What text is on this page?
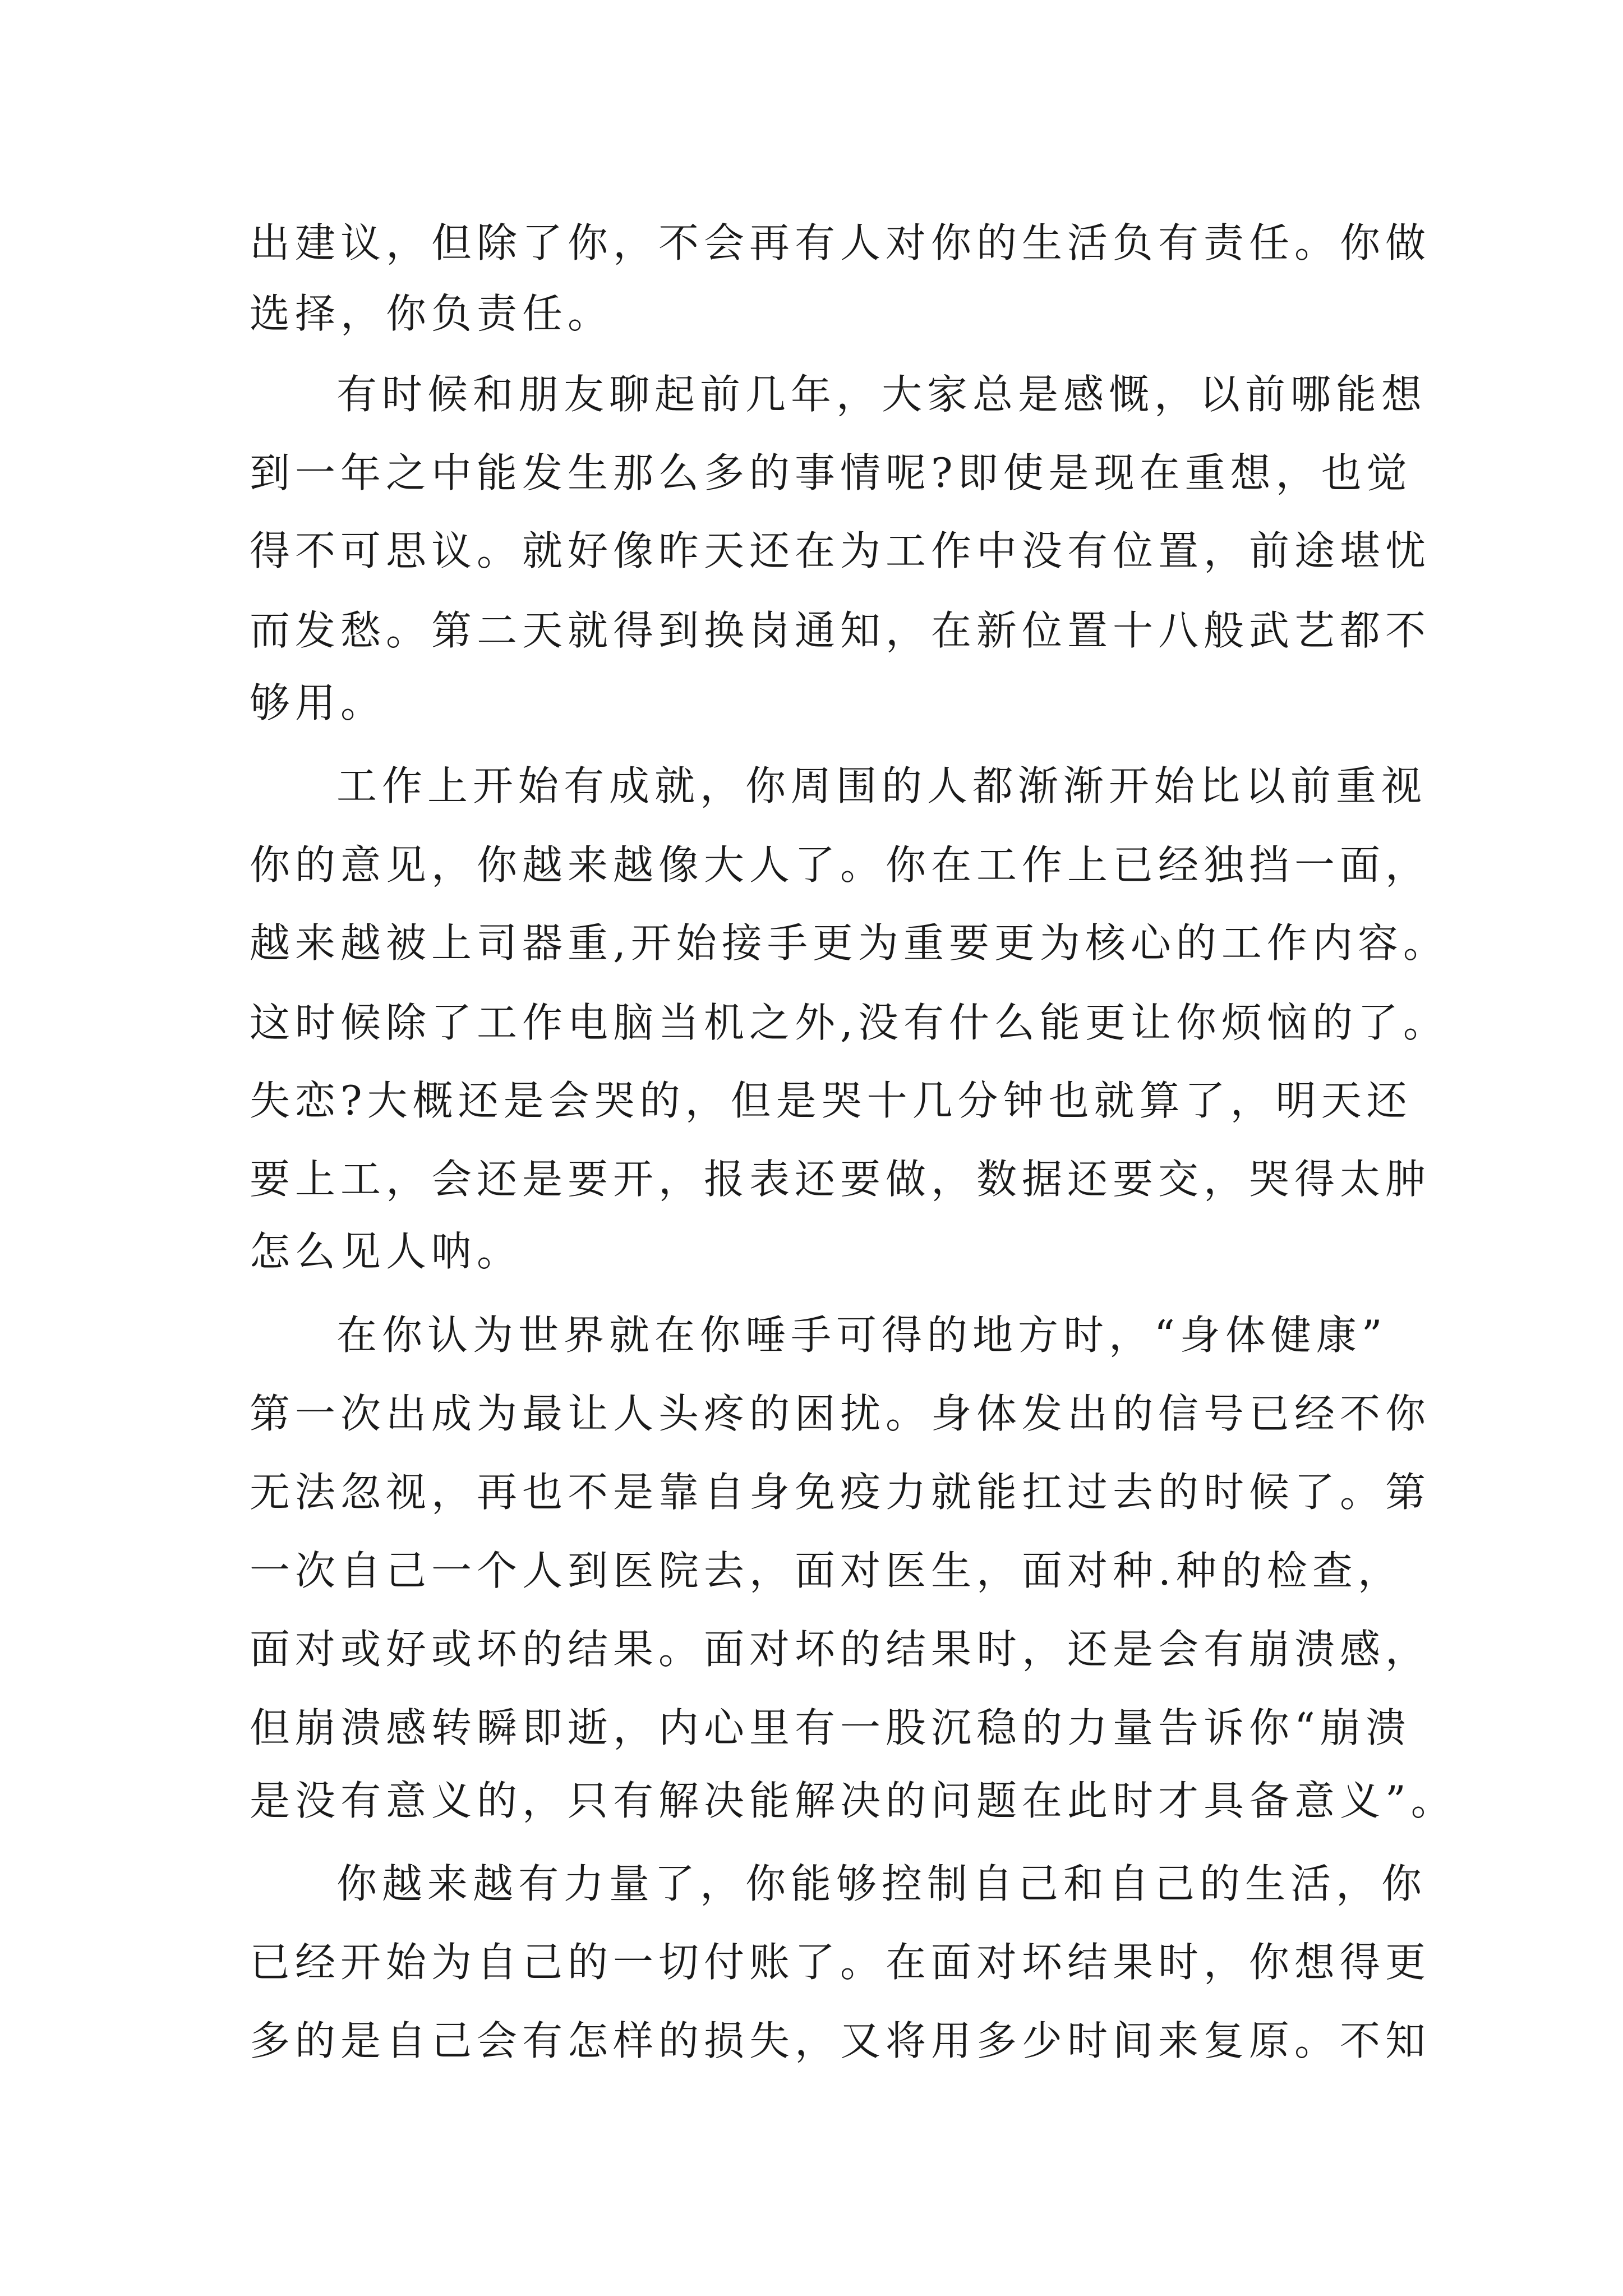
出建议，但除了你，不会再有人对你的生活负有责任。你做
选择，你负责任。
有时候和朋友聊起前几年，大家总是感慨，以前哪能想
到一年之中能发生那么多的事情呢?即使是现在重想，也觉
得不可思议。就好像昨天还在为工作中没有位置，前途堪忧
而发愁。第二天就得到换岗通知，在新位置十八般武艺都不
够用。
工作上开始有成就，你周围的人都渐渐开始比以前重视
你的意见，你越来越像大人了。你在工作上已经独挡一面，
越来越被上司器重,开始接手更为重要更为核心的工作内容。
这时候除了工作电脑当机之外,没有什么能更让你烦恼的了。
失恋?大概还是会哭的，但是哭十几分钟也就算了，明天还
要上工，会还是要开，报表还要做，数据还要交，哭得太肿
怎么见人呐。
在你认为世界就在你唾手可得的地方时，“身体健康”
第一次出成为最让人头疼的困扰。身体发出的信号已经不你
无法忽视，再也不是靠自身免疫力就能扛过去的时候了。第
一次自己一个人到医院去，面对医生，面对种.种的检查，
面对或好或坏的结果。面对坏的结果时，还是会有崩溃感，
但崩溃感转瞬即逝，内心里有一股沉稳的力量告诉你“崩溃
是没有意义的，只有解决能解决的问题在此时才具备意义”。
你越来越有力量了，你能够控制自己和自己的生活，你
已经开始为自己的一切付账了。在面对坏结果时，你想得更
多的是自己会有怎样的损失，又将用多少时间来复原。不知
